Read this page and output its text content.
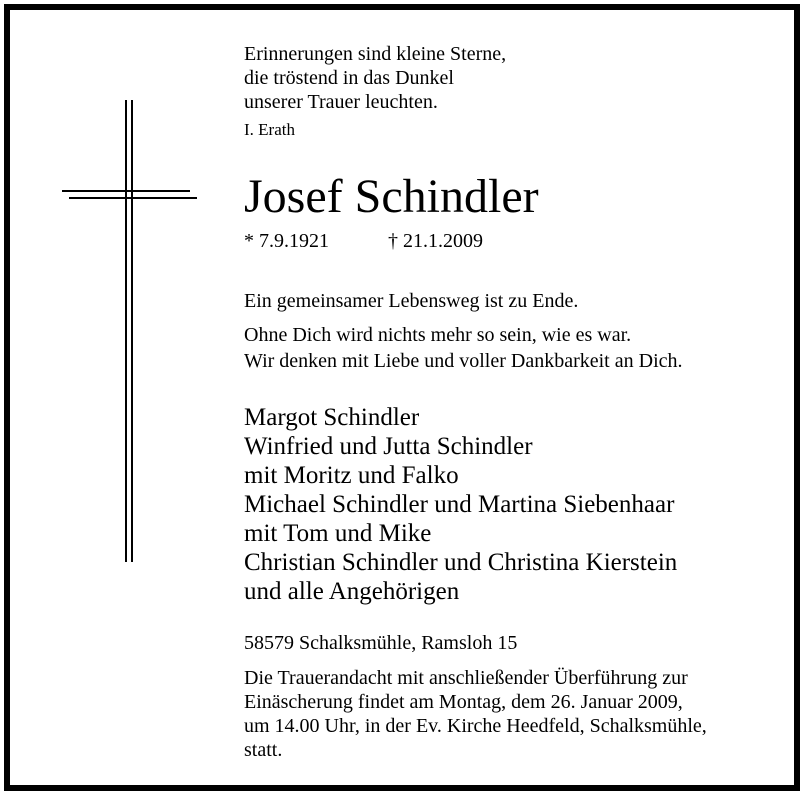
Erinnerungen sind kleine Sterne,
die tröstend in das Dunkel
unserer Trauer leuchten.
I. Erath
Josef Schindler
* 7.9.1921	† 21.1.2009
Ein gemeinsamer Lebensweg ist zu Ende.
Ohne Dich wird nichts mehr so sein, wie es war.
Wir denken mit Liebe und voller Dankbarkeit an Dich.
Margot Schindler
Winfried und Jutta Schindler
mit Moritz und Falko
Michael Schindler und Martina Siebenhaar
mit Tom und Mike
Christian Schindler und Christina Kierstein
und alle Angehörigen
58579 Schalksmühle, Ramsloh 15
Die Trauerandacht mit anschließender Überführung zur
Einäscherung findet am Montag, dem 26. Januar 2009,
um 14.00 Uhr, in der Ev. Kirche Heedfeld, Schalksmühle,
statt.
